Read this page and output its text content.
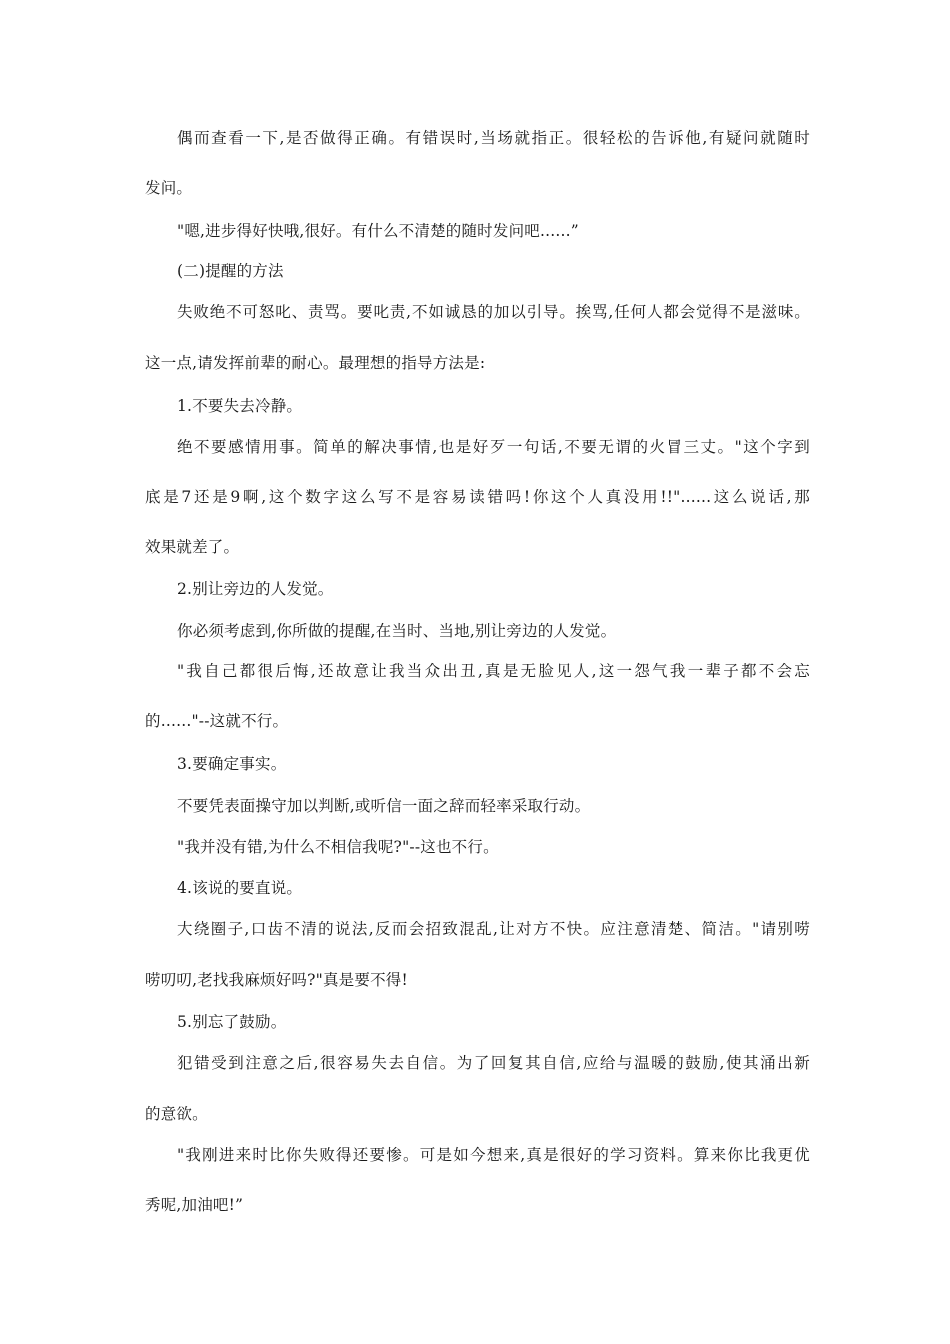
偶而查看一下,是否做得正确。有错误时,当场就指正。很轻松的告诉他,有疑问就随时
发问。
"嗯,进步得好快哦,很好。有什么不清楚的随时发问吧......”
(二)提醒的方法
失败绝不可怒叱、责骂。要叱责,不如诚恳的加以引导。挨骂,任何人都会觉得不是滋味。
这一点,请发挥前辈的耐心。最理想的指导方法是:
1.不要失去冷静。
绝不要感情用事。简单的解决事情,也是好歹一句话,不要无谓的火冒三丈。"这个字到
底是7还是9啊,这个数字这么写不是容易读错吗!你这个人真没用!!"......这么说话,那
效果就差了。
2.别让旁边的人发觉。
你必须考虑到,你所做的提醒,在当时、当地,别让旁边的人发觉。
"我自己都很后悔,还故意让我当众出丑,真是无脸见人,这一怨气我一辈子都不会忘
的......"--这就不行。
3.要确定事实。
不要凭表面操守加以判断,或听信一面之辞而轻率采取行动。
"我并没有错,为什么不相信我呢?"--这也不行。
4.该说的要直说。
大绕圈子,口齿不清的说法,反而会招致混乱,让对方不快。应注意清楚、简洁。"请别唠
唠叨叨,老找我麻烦好吗?"真是要不得!
5.别忘了鼓励。
犯错受到注意之后,很容易失去自信。为了回复其自信,应给与温暖的鼓励,使其涌出新
的意欲。
"我刚进来时比你失败得还要惨。可是如今想来,真是很好的学习资料。算来你比我更优
秀呢,加油吧!”
